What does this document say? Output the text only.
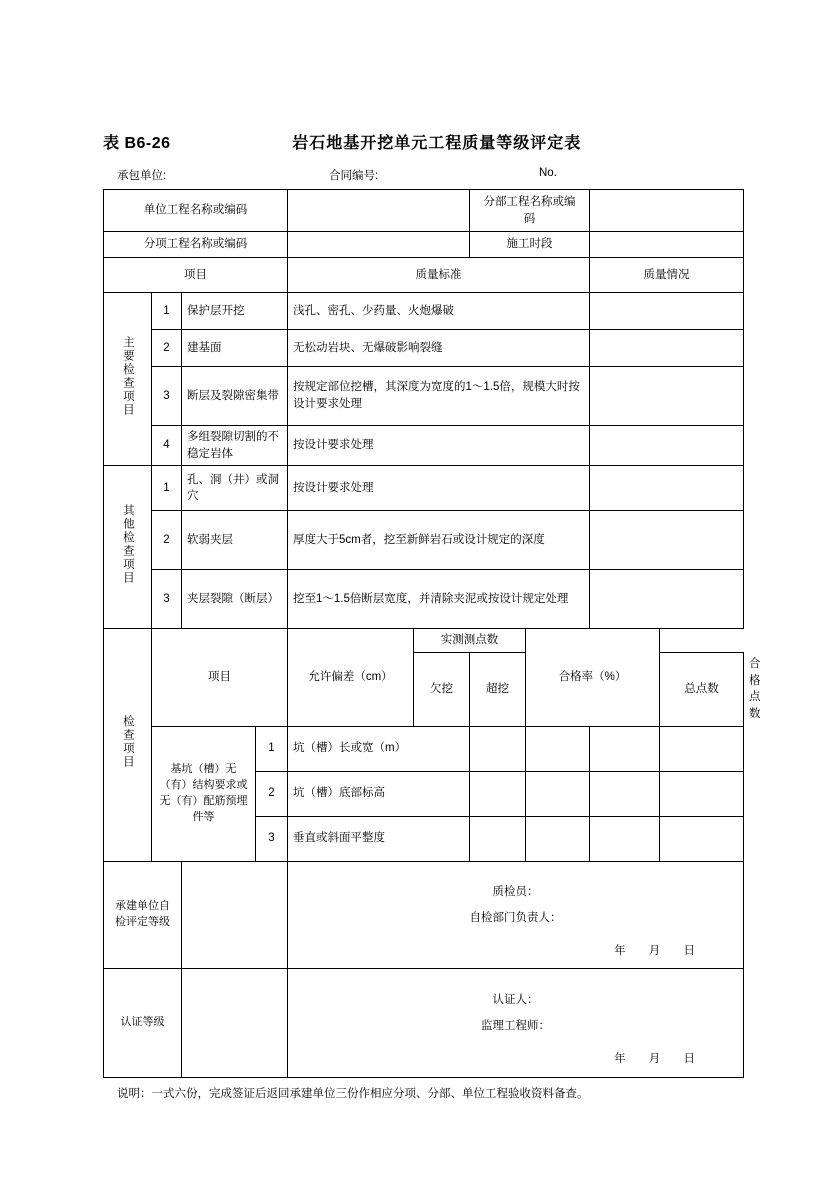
表 B6-26	岩石地基开挖单元工程质量等级评定表
承包单位:	合同编号:	No.
单位工程名称或编码						分部工程名称或编码				
分项工程名称或编码						施工时段				
项目				质量标准				质量情况		
主要检查项目	1	保护层开挖		浅孔、密孔、少药量、火炮爆破						
	2	建基面		无松动岩块、无爆破影响裂缝						
	3	断层及裂隙密集带		按规定部位挖槽，其深度为宽度的1～1.5倍，规模大时按设计要求处理						
	4	多组裂隙切割的不稳定岩体		按设计要求处理						
其他检查项目	1	孔、洞（井）或洞穴		按设计要求处理						
	2	软弱夹层		厚度大于5cm者，挖至新鲜岩石或设计规定的深度						
	3	夹层裂隙（断层）		挖至1～1.5倍断层宽度，并清除夹泥或按设计规定处理						
检查项目	项目			允许偏差（cm）	实测测点数		合格率（%）			
					欠挖	超挖			总点数	合格点数
	基坑（槽）无（有）结构要求或无（有）配筋预埋件等		1	坑（槽）长或宽（m）						
			2	坑（槽）底部标高						
			3	垂直或斜面平整度						
承建单位自检评定等级				质检员：
自检部门负责人：
年 月 日						

认证等级				认证人：
监理工程师：
年 月 日						
说明：一式六份，完成签证后返回承建单位三份作相应分项、分部、单位工程验收资料备查。
